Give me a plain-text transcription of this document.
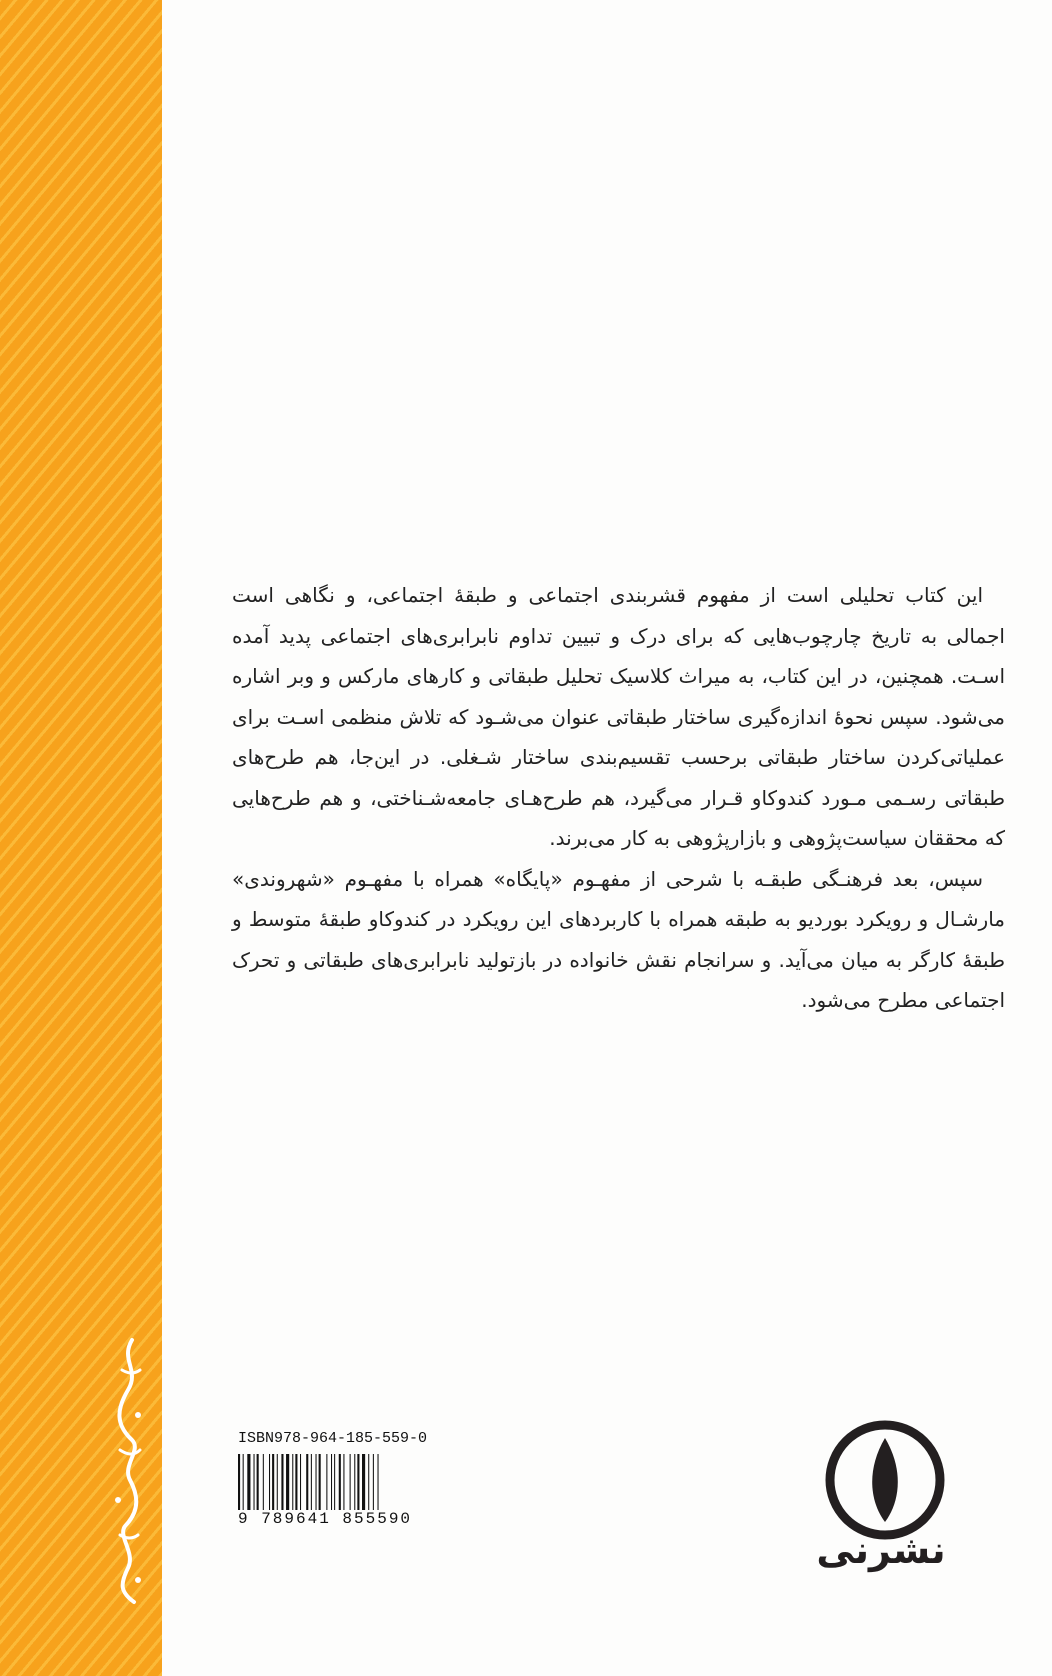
این کتاب تحلیلی است از مفهوم قشربندی اجتماعی و طبقهٔ اجتماعی، و نگاهی است اجمالی به تاریخ چارچوب‌هایی که برای درک و تبیین تداوم نابرابری‌های اجتماعی پدید آمده اسـت. همچنین، در این کتاب، به میراث کلاسیک تحلیل طبقاتی و کارهای مارکس و وبر اشاره می‌شود. سپس نحوهٔ اندازه‌گیری ساختار طبقاتی عنوان می‌شـود که تلاش منظمی اسـت برای عملیاتی‌کردن ساختار طبقاتی برحسب تقسیم‌بندی ساختار شـغلی. در این‌جا، هم طرح‌های طبقاتی رسـمی مـورد کندوکاو قـرار می‌گیرد، هم طرح‌هـای جامعه‌شـناختی، و هم طرح‌هایی که محققان سیاست‌پژوهی و بازارپژوهی به کار می‌برند.

سپس، بعد فرهنـگی طبقـه با شرحی از مفهـوم «پایگاه» همراه با مفهـوم «شهروندی» مارشـال و رویکرد بوردیو به طبقه همراه با کاربردهای این رویکرد در کندوکاو طبقهٔ متوسط و طبقهٔ کارگر به میان می‌آید. و سرانجام نقش خانواده در بازتولید نابرابری‌های طبقاتی و تحرک اجتماعی مطرح می‌شود.

ISBN978-964-185-559-0
9 789641 855590
نشرنی
